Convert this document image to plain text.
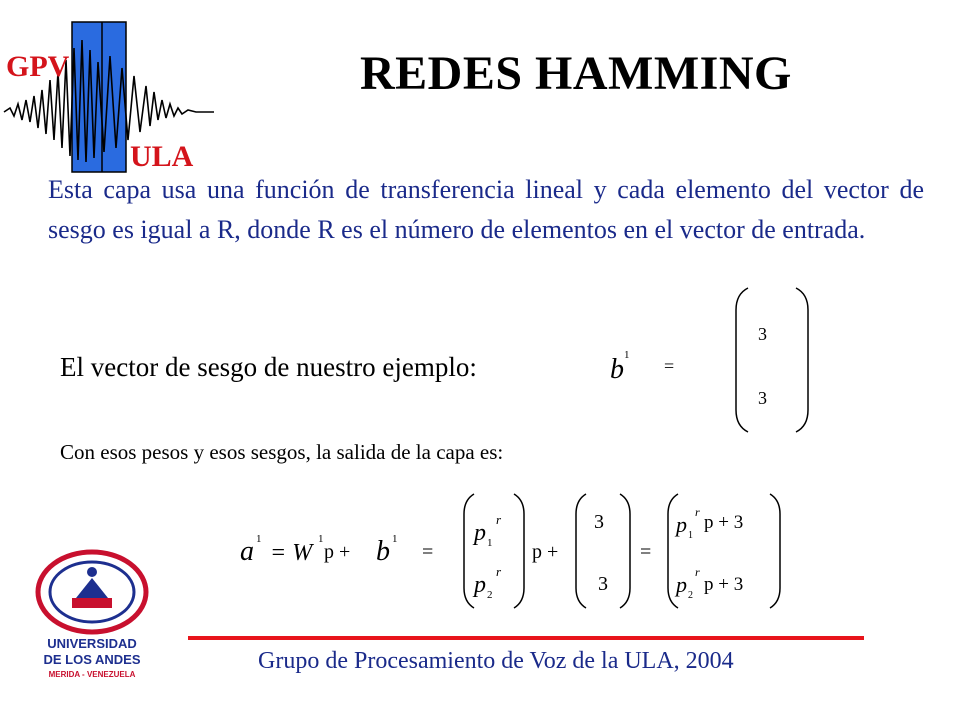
GPV
ULA
REDES HAMMING
Esta capa usa una función de transferencia lineal y cada elemento del vector de sesgo es igual a R, donde R es el número de elementos en el vector de entrada.
El vector de sesgo de nuestro ejemplo:	b 1
=
3
3
Con esos pesos y esos sesgos, la salida de la capa es:
a 1
= W
1
p + b 1
=
p 1
r
p 2
r
p +
3
3
=
p 1
r p + 3
p 2
r
p + 3
UNIVERSIDAD
DE LOS ANDES
MERIDA - VENEZUELA
Grupo de Procesamiento de Voz de la ULA, 2004
